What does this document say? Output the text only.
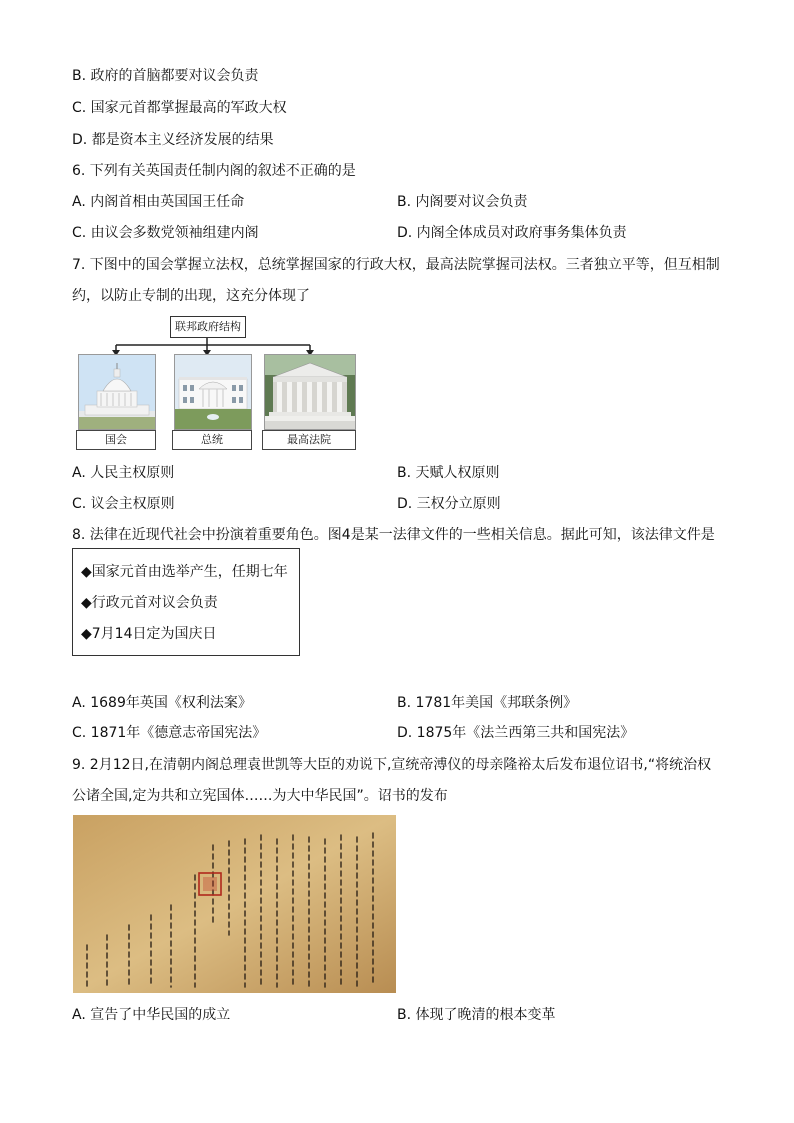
B. 政府的首脑都要对议会负责
C. 国家元首都掌握最高的军政大权
D. 都是资本主义经济发展的结果
6. 下列有关英国责任制内阁的叙述不正确的是
A. 内阁首相由英国国王任命	B. 内阁要对议会负责
C. 由议会多数党领袖组建内阁	D. 内阁全体成员对政府事务集体负责
7. 下图中的国会掌握立法权，总统掌握国家的行政大权，最高法院掌握司法权。三者独立平等，但互相制
约，以防止专制的出现，这充分体现了
联邦政府结构
国会	总统	最高法院
A. 人民主权原则	B. 天赋人权原则
C. 议会主权原则	D. 三权分立原则
8. 法律在近现代社会中扮演着重要角色。图4是某一法律文件的一些相关信息。据此可知，该法律文件是
◆国家元首由选举产生，任期七年
◆行政元首对议会负责
◆7月14日定为国庆日
A. 1689年英国《权利法案》	B. 1781年美国《邦联条例》
C. 1871年《德意志帝国宪法》	D. 1875年《法兰西第三共和国宪法》
9. 2月12日,在清朝内阁总理袁世凯等大臣的劝说下,宣统帝溥仪的母亲隆裕太后发布退位诏书,“将统治权
公诸全国,定为共和立宪国体……为大中华民国”。诏书的发布
A. 宣告了中华民国的成立	B. 体现了晚清的根本变革
